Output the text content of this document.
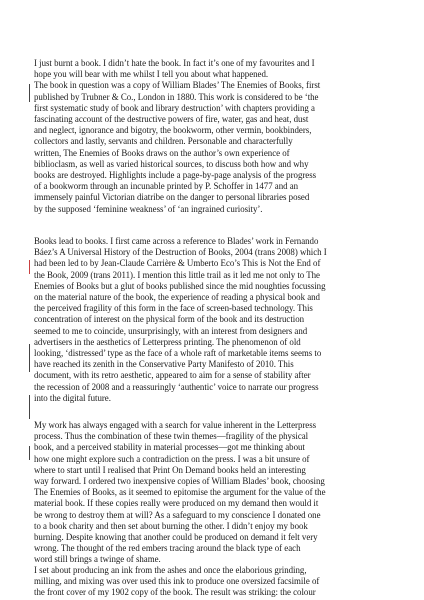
I just burnt a book. I didn’t hate the book. In fact it’s one of my favourites and I
hope you will bear with me whilst I tell you about what happened.
The book in question was a copy of William Blades’ The Enemies of Books, first
published by Trubner & Co., London in 1880. This work is considered to be ‘the
first systematic study of book and library destruction’ with chapters providing a
fascinating account of the destructive powers of fire, water, gas and heat, dust
and neglect, ignorance and bigotry, the bookworm, other vermin, bookbinders,
collectors and lastly, servants and children. Personable and characterfully
written, The Enemies of Books draws on the author’s own experience of
biblioclasm, as well as varied historical sources, to discuss both how and why
books are destroyed. Highlights include a page-by-page analysis of the progress
of a bookworm through an incunable printed by P. Schoffer in 1477 and an
immensely painful Victorian diatribe on the danger to personal libraries posed
by the supposed ‘feminine weakness’ of ‘an ingrained curiosity’.
Books lead to books. I first came across a reference to Blades’ work in Fernando
Báez’s A Universal History of the Destruction of Books, 2004 (trans 2008) which I
had been led to by Jean-Claude Carrière & Umberto Eco’s This is Not the End of
the Book, 2009 (trans 2011). I mention this little trail as it led me not only to The
Enemies of Books but a glut of books published since the mid noughties focussing
on the material nature of the book, the experience of reading a physical book and
the perceived fragility of this form in the face of screen-based technology. This
concentration of interest on the physical form of the book and its destruction
seemed to me to coincide, unsurprisingly, with an interest from designers and
advertisers in the aesthetics of Letterpress printing. The phenomenon of old
looking, ‘distressed’ type as the face of a whole raft of marketable items seems to
have reached its zenith in the Conservative Party Manifesto of 2010. This
document, with its retro aesthetic, appeared to aim for a sense of stability after
the recession of 2008 and a reassuringly ‘authentic’ voice to narrate our progress
into the digital future.
My work has always engaged with a search for value inherent in the Letterpress
process. Thus the combination of these twin themes—fragility of the physical
book, and a perceived stability in material processes—got me thinking about
how one might explore such a contradiction on the press. I was a bit unsure of
where to start until I realised that Print On Demand books held an interesting
way forward. I ordered two inexpensive copies of William Blades’ book, choosing
The Enemies of Books, as it seemed to epitomise the argument for the value of the
material book. If these copies really were produced on my demand then would it
be wrong to destroy them at will? As a safeguard to my conscience I donated one
to a book charity and then set about burning the other. I didn’t enjoy my book
burning. Despite knowing that another could be produced on demand it felt very
wrong. The thought of the red embers tracing around the black type of each
word still brings a twinge of shame.
I set about producing an ink from the ashes and once the elaborious grinding,
milling, and mixing was over used this ink to produce one oversized facsimile of
the front cover of my 1902 copy of the book. The result was striking: the colour
